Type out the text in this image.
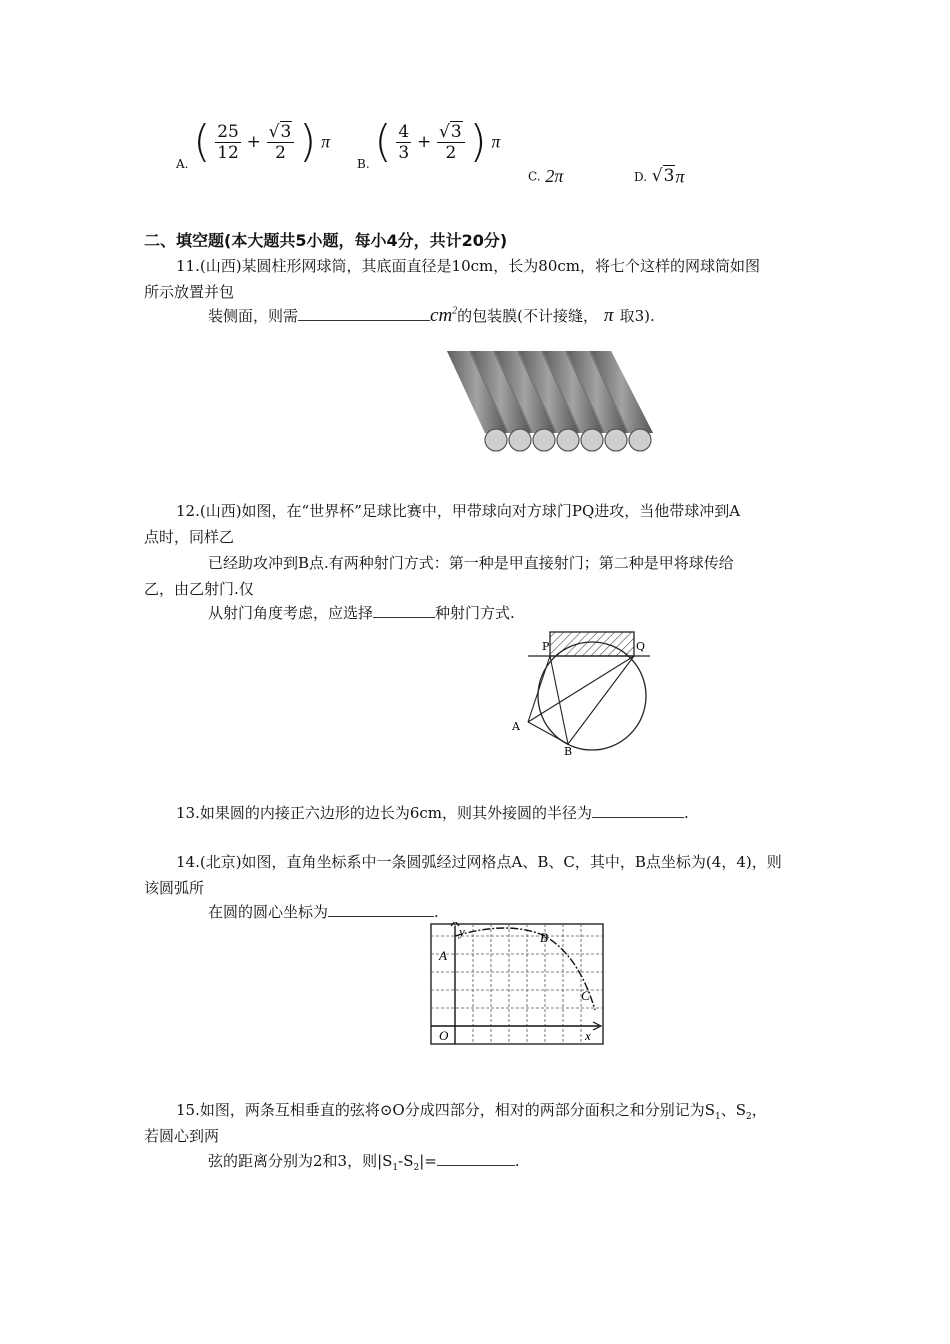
$_{A.}$ ( $\frac{25}{12} + \frac{√3}{2}$ ) π
$_{B.}$ ( $\frac{4}{3} + \frac{√3}{2}$ ) π
C. 2π	D. √3π
二、填空题(本大题共5小题，每小4分，共计20分)
11.(山西)某圆柱形网球筒，其底面直径是10cm，长为80cm，将七个这样的网球筒如图
所示放置并包
装侧面，则需	$cm^2$的包装膜(不计接缝， π 取3).
12.(山西)如图，在“世界杯”足球比赛中，甲带球向对方球门PQ进攻，当他带球冲到A
点时，同样乙
已经助攻冲到B点.有两种射门方式：第一种是甲直接射门；第二种是甲将球传给
乙，由乙射门.仅
从射门角度考虑，应选择	种射门方式.
P	Q
A
B
13.如果圆的内接正六边形的边长为6cm，则其外接圆的半径为	.
14.(北京)如图，直角坐标系中一条圆弧经过网格点A、B、C，其中，B点坐标为(4，4)，则
该圆弧所
在圆的圆心坐标为	.
y
A
B
C
O	x
15.如图，两条互相垂直的弦将⊙O分成四部分，相对的两部分面积之和分别记为$S_1$、$S_2$，
若圆心到两
弦的距离分别为2和3，则$|S_1-S_2|=$	.
